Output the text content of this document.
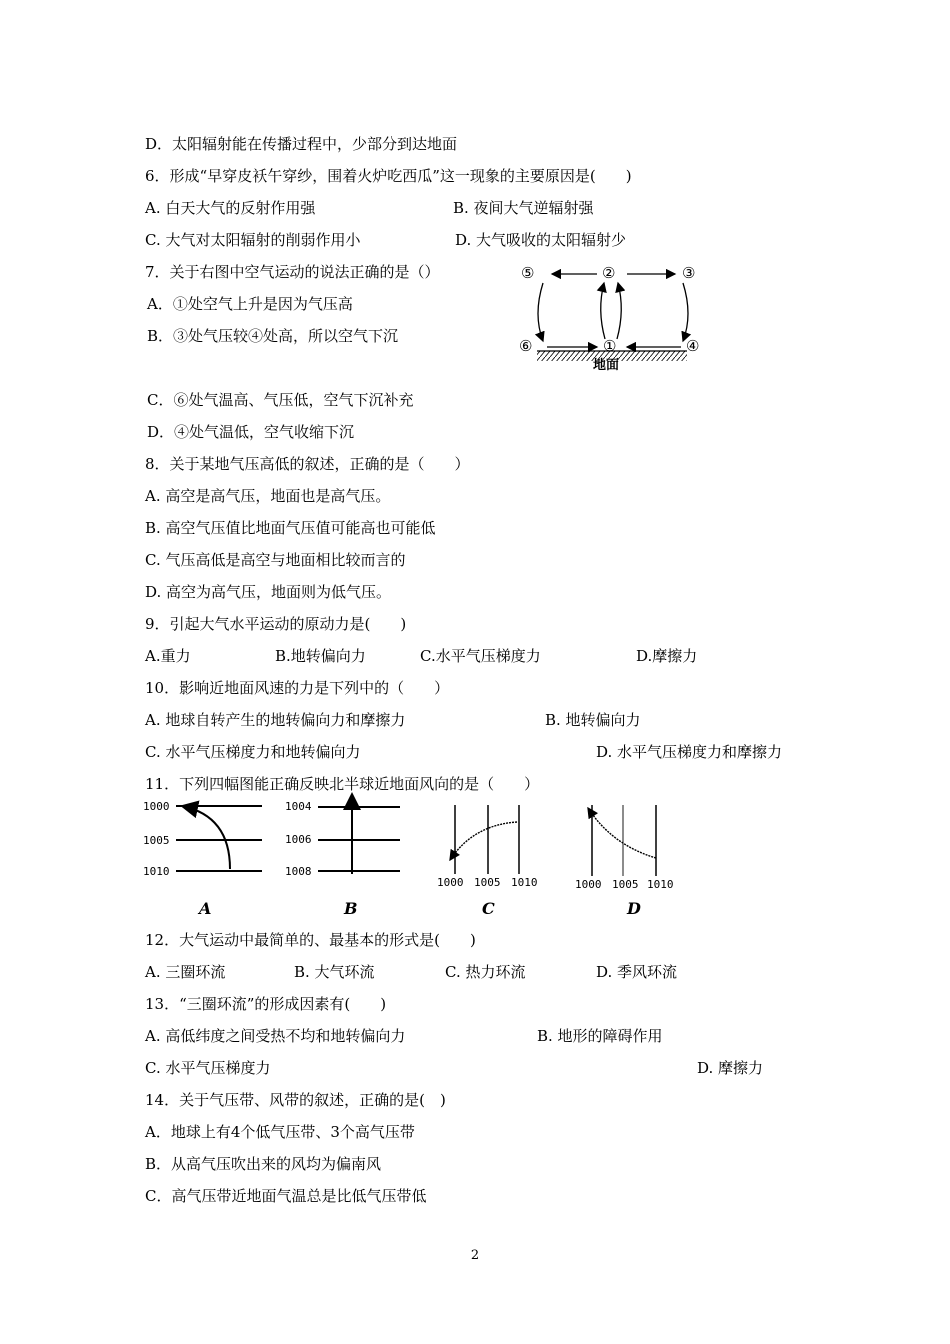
D．太阳辐射能在传播过程中，少部分到达地面
6．形成“早穿皮袄午穿纱，围着火炉吃西瓜”这一现象的主要原因是(　　)
A. 白天大气的反射作用强	B. 夜间大气逆辐射强
C. 大气对太阳辐射的削弱作用小	D. 大气吸收的太阳辐射少
7．关于右图中空气运动的说法正确的是（）
A．①处空气上升是因为气压高
B．③处气压较④处高，所以空气下沉
C．⑥处气温高、气压低，空气下沉补充
D．④处气温低，空气收缩下沉
8．关于某地气压高低的叙述，正确的是（　　）
A. 高空是高气压，地面也是高气压。
B. 高空气压值比地面气压值可能高也可能低
C. 气压高低是高空与地面相比较而言的
D. 高空为高气压，地面则为低气压。
9．引起大气水平运动的原动力是(　　)
A.重力	B.地转偏向力	C.水平气压梯度力	D.摩擦力
10．影响近地面风速的力是下列中的（　　）
A. 地球自转产生的地转偏向力和摩擦力	B. 地转偏向力
C. 水平气压梯度力和地转偏向力	D. 水平气压梯度力和摩擦力
11．下列四幅图能正确反映北半球近地面风向的是（　　）
12．大气运动中最简单的、最基本的形式是(　　)
A. 三圈环流	B. 大气环流	C. 热力环流	D. 季风环流
13．“三圈环流”的形成因素有(　　)
A. 高低纬度之间受热不均和地转偏向力	B. 地形的障碍作用
C. 水平气压梯度力	D. 摩擦力
14．关于气压带、风带的叙述，正确的是(　)
A．地球上有4个低气压带、3个高气压带
B．从高气压吹出来的风均为偏南风
C．高气压带近地面气温总是比低气压带低
⑤	②	③
⑥	①	④
地面
1000
1005
1010
A
1004
1006
1008
B
1000 1005 1010
C
1000 1005 1010
D
2
